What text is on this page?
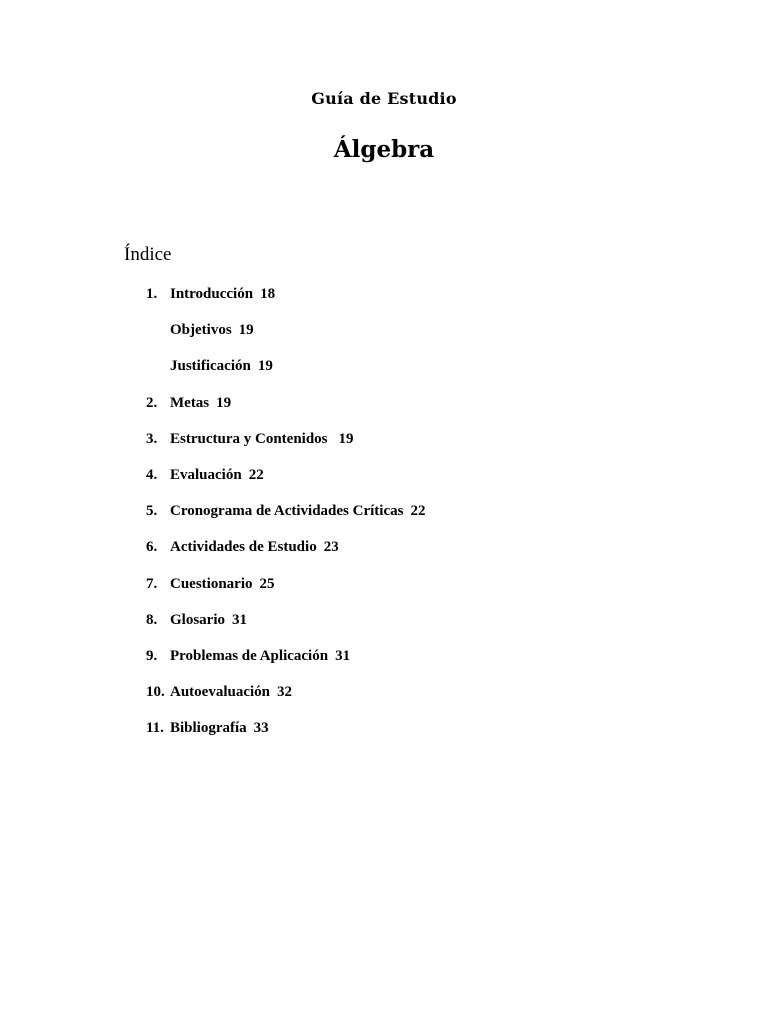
Guía de Estudio
Álgebra
Índice
1. Introducción 18
Objetivos 19
Justificación 19
2. Metas 19
3. Estructura y Contenidos 19
4. Evaluación 22
5. Cronograma de Actividades Críticas 22
6. Actividades de Estudio 23
7. Cuestionario 25
8. Glosario 31
9. Problemas de Aplicación 31
10. Autoevaluación 32
11. Bibliografía 33
